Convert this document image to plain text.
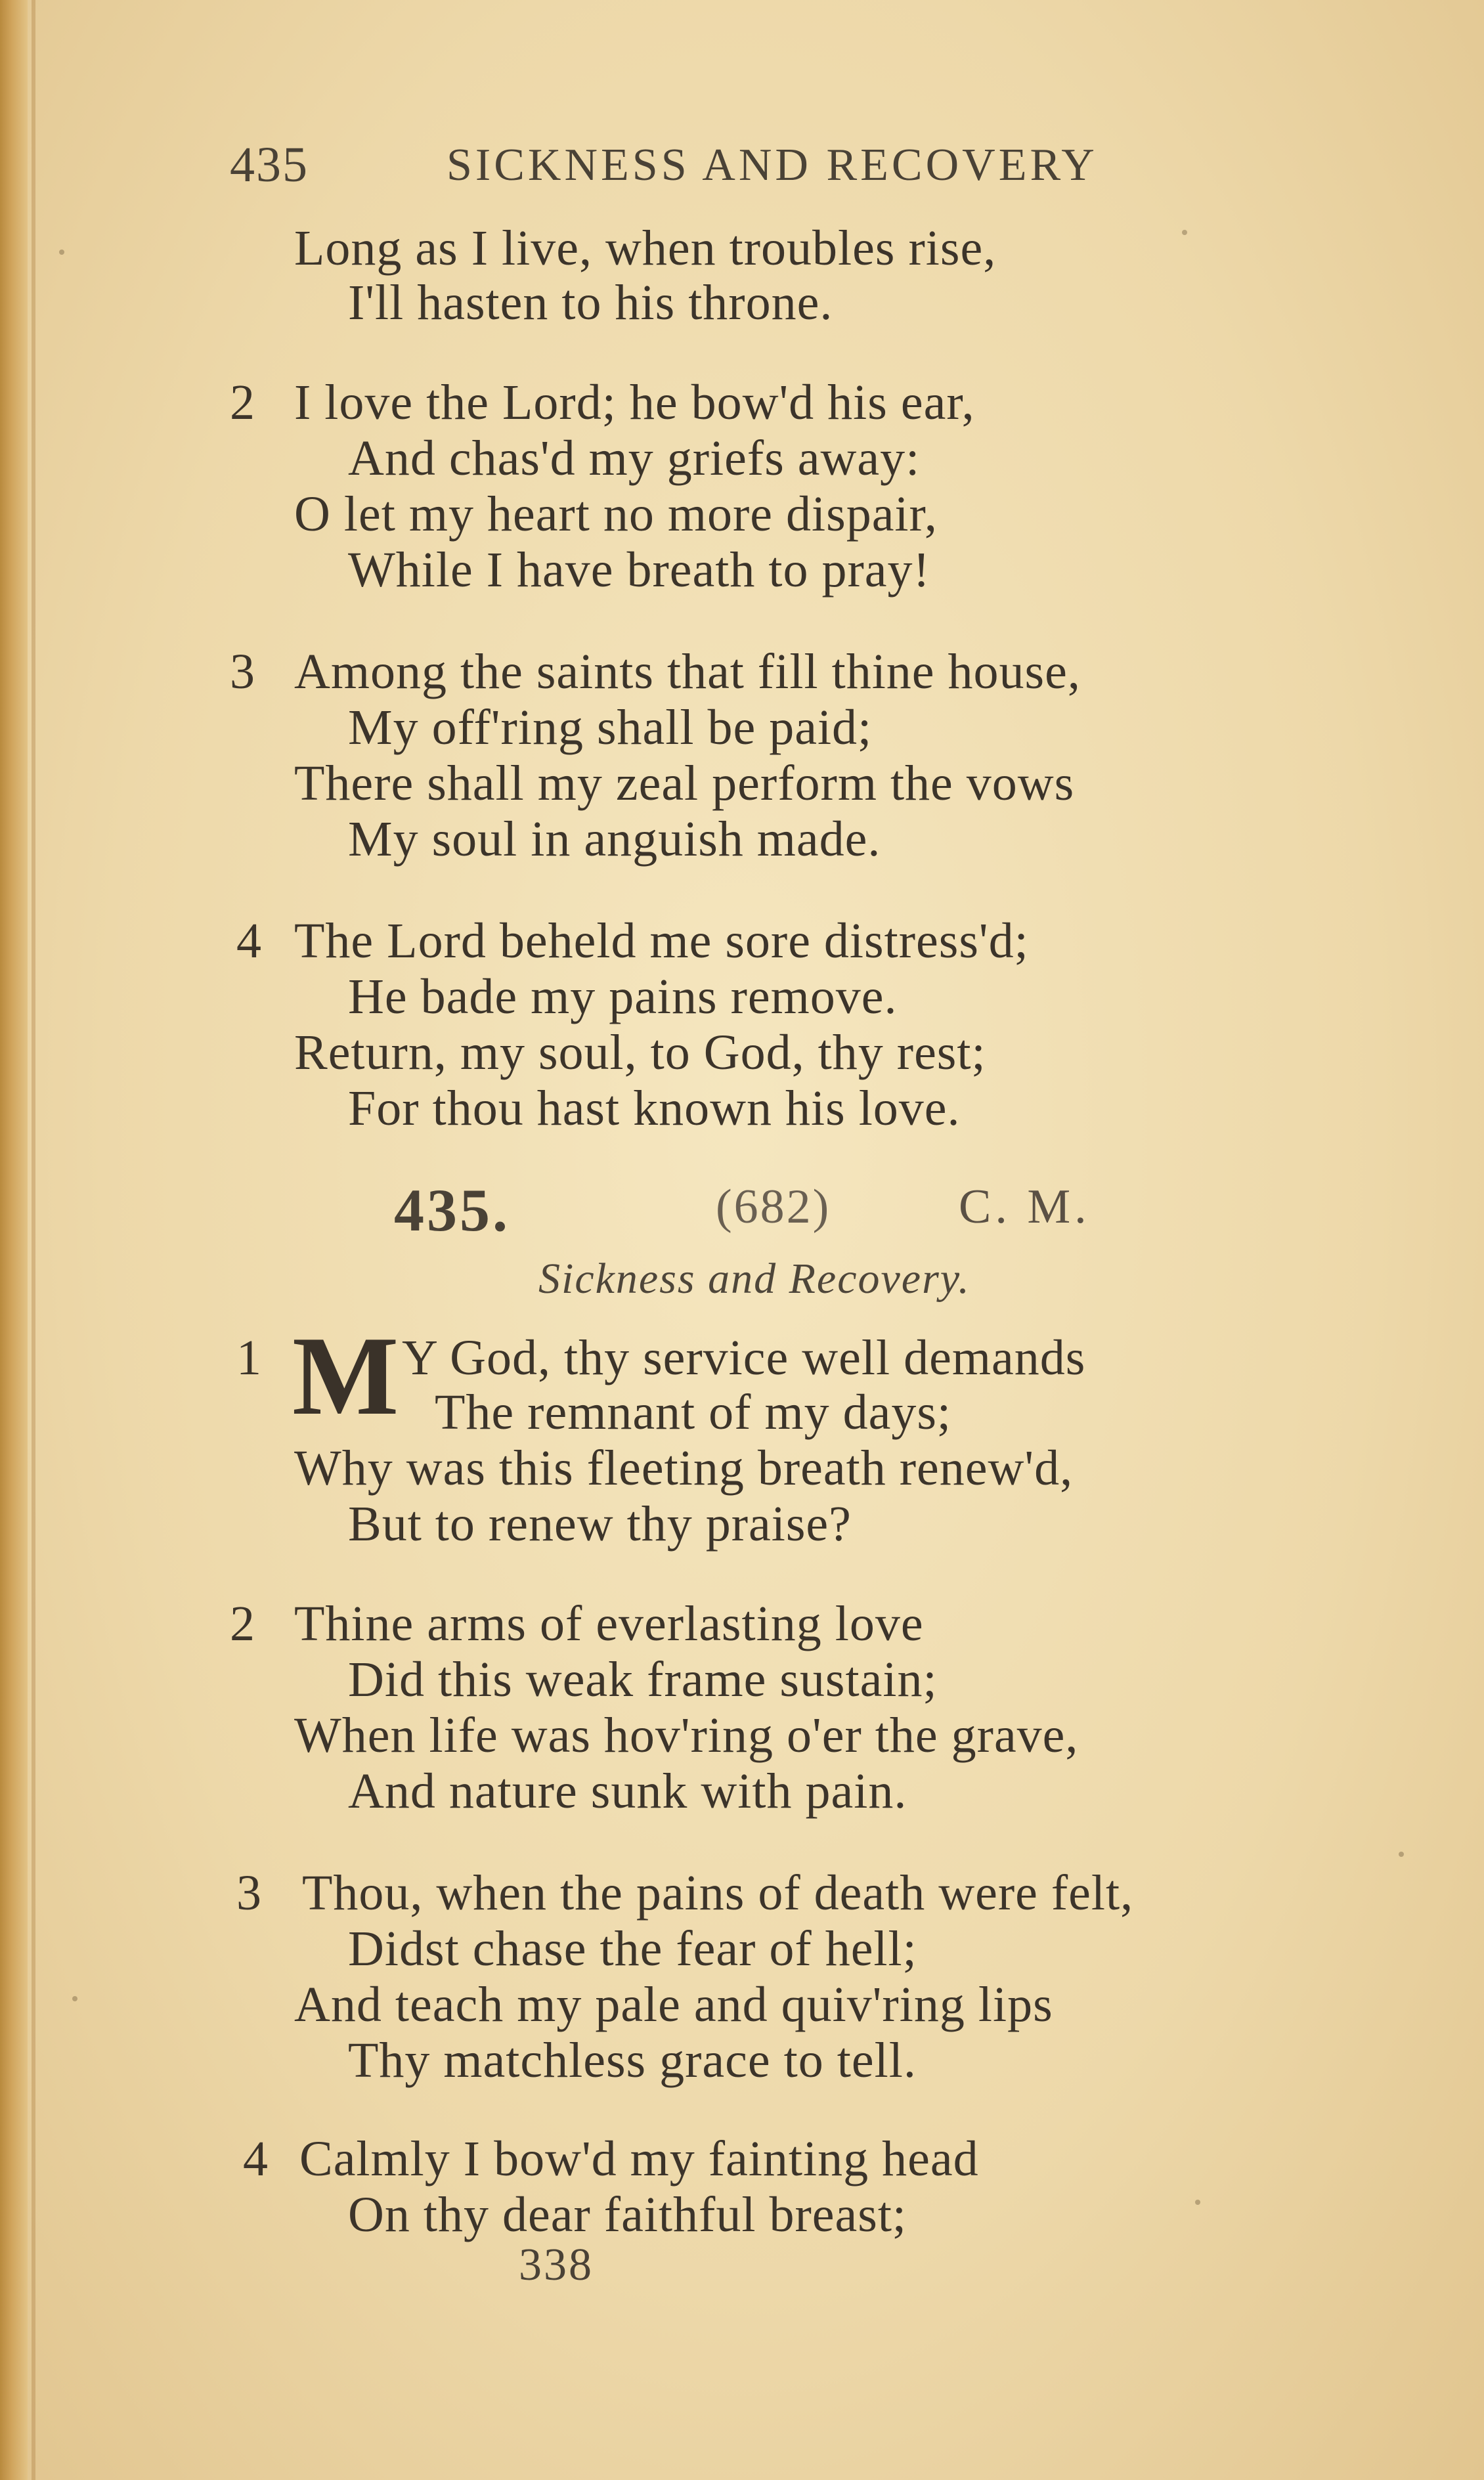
435	SICKNESS AND RECOVERY
Long as I live, when troubles rise,
I'll hasten to his throne.
2 I love the Lord; he bow'd his ear,
And chas'd my griefs away:
O let my heart no more dispair,
While I have breath to pray!
3 Among the saints that fill thine house,
My off'ring shall be paid;
There shall my zeal perform the vows
My soul in anguish made.
4 The Lord beheld me sore distress'd;
He bade my pains remove.
Return, my soul, to God, thy rest;
For thou hast known his love.
435.	(682)	C. M.
Sickness and Recovery.
1 M Y God, thy service well demands
The remnant of my days;
Why was this fleeting breath renew'd,
But to renew thy praise?
2 Thine arms of everlasting love
Did this weak frame sustain;
When life was hov'ring o'er the grave,
And nature sunk with pain.
3 Thou, when the pains of death were felt,
Didst chase the fear of hell;
And teach my pale and quiv'ring lips
Thy matchless grace to tell.
4 Calmly I bow'd my fainting head
On thy dear faithful breast;
338
